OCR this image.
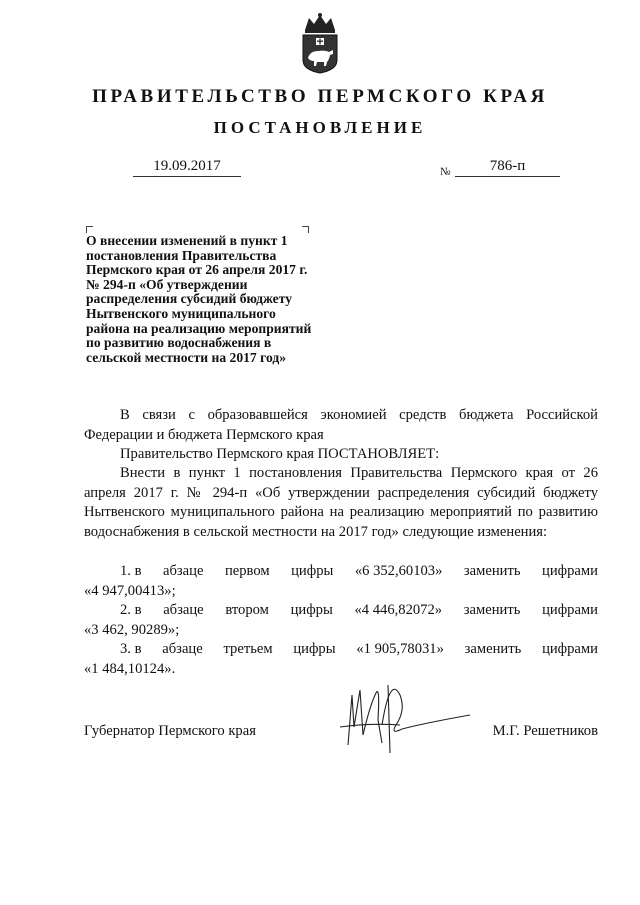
ПРАВИТЕЛЬСТВО ПЕРМСКОГО КРАЯ
ПОСТАНОВЛЕНИЕ
19.09.2017	№	786-п
О внесении изменений в пункт 1 постановления Правительства Пермского края от 26 апреля 2017 г. № 294-п «Об утверждении распределения субсидий бюджету Нытвенского муниципального района на реализацию мероприятий по развитию водоснабжения в сельской местности на 2017 год»
В связи с образовавшейся экономией средств бюджета Российской Федерации и бюджета Пермского края
Правительство Пермского края ПОСТАНОВЛЯЕТ:
Внести в пункт 1 постановления Правительства Пермского края от 26 апреля 2017 г. № 294-п «Об утверждении распределения субсидий бюджету Нытвенского муниципального района на реализацию мероприятий по развитию водоснабжения в сельской местности на 2017 год» следующие изменения:
1. в абзаце первом цифры «6 352,60103» заменить цифрами
«4 947,00413»;
2. в абзаце втором цифры «4 446,82072» заменить цифрами
«3 462, 90289»;
3. в абзаце третьем цифры «1 905,78031» заменить цифрами
«1 484,10124».
Губернатор Пермского края	М.Г. Решетников
